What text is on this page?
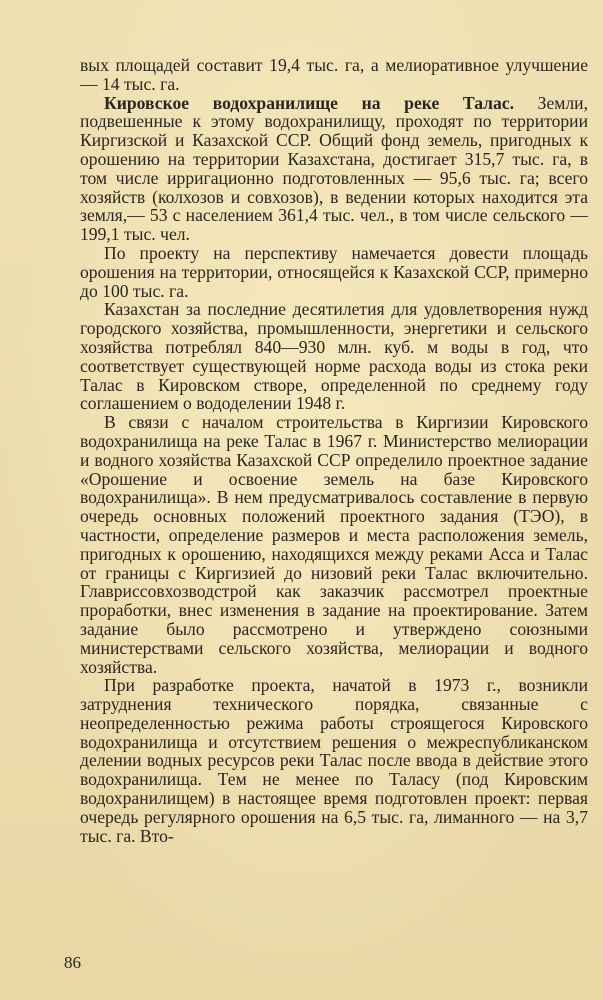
вых площадей составит 19,4 тыс. га, а мелиоративное улучшение — 14 тыс. га.

Кировское водохранилище на реке Талас. Земли, подвешенные к этому водохранилищу, проходят по территории Киргизской и Казахской ССР. Общий фонд земель, пригодных к орошению на территории Казахстана, достигает 315,7 тыс. га, в том числе ирригационно подготовленных — 95,6 тыс. га; всего хозяйств (колхозов и совхозов), в ведении которых находится эта земля,— 53 с населением 361,4 тыс. чел., в том числе сельского — 199,1 тыс. чел.

По проекту на перспективу намечается довести площадь орошения на территории, относящейся к Казахской ССР, примерно до 100 тыс. га.

Казахстан за последние десятилетия для удовлетворения нужд городского хозяйства, промышленности, энергетики и сельского хозяйства потреблял 840—930 млн. куб. м воды в год, что соответствует существующей норме расхода воды из стока реки Талас в Кировском створе, определенной по среднему году соглашением о вододелении 1948 г.

В связи с началом строительства в Киргизии Кировского водохранилища на реке Талас в 1967 г. Министерство мелиорации и водного хозяйства Казахской ССР определило проектное задание «Орошение и освоение земель на базе Кировского водохранилища». В нем предусматривалось составление в первую очередь основных положений проектного задания (ТЭО), в частности, определение размеров и места расположения земель, пригодных к орошению, находящихся между реками Асса и Талас от границы с Киргизией до низовий реки Талас включительно. Главриссовхозводстрой как заказчик рассмотрел проектные проработки, внес изменения в задание на проектирование. Затем задание было рассмотрено и утверждено союзными министерствами сельского хозяйства, мелиорации и водного хозяйства.

При разработке проекта, начатой в 1973 г., возникли затруднения технического порядка, связанные с неопределенностью режима работы строящегося Кировского водохранилища и отсутствием решения о межреспубликанском делении водных ресурсов реки Талас после ввода в действие этого водохранилища. Тем не менее по Таласу (под Кировским водохранилищем) в настоящее время подготовлен проект: первая очередь регулярного орошения на 6,5 тыс. га, лиманного — на 3,7 тыс. га. Вто-

86
